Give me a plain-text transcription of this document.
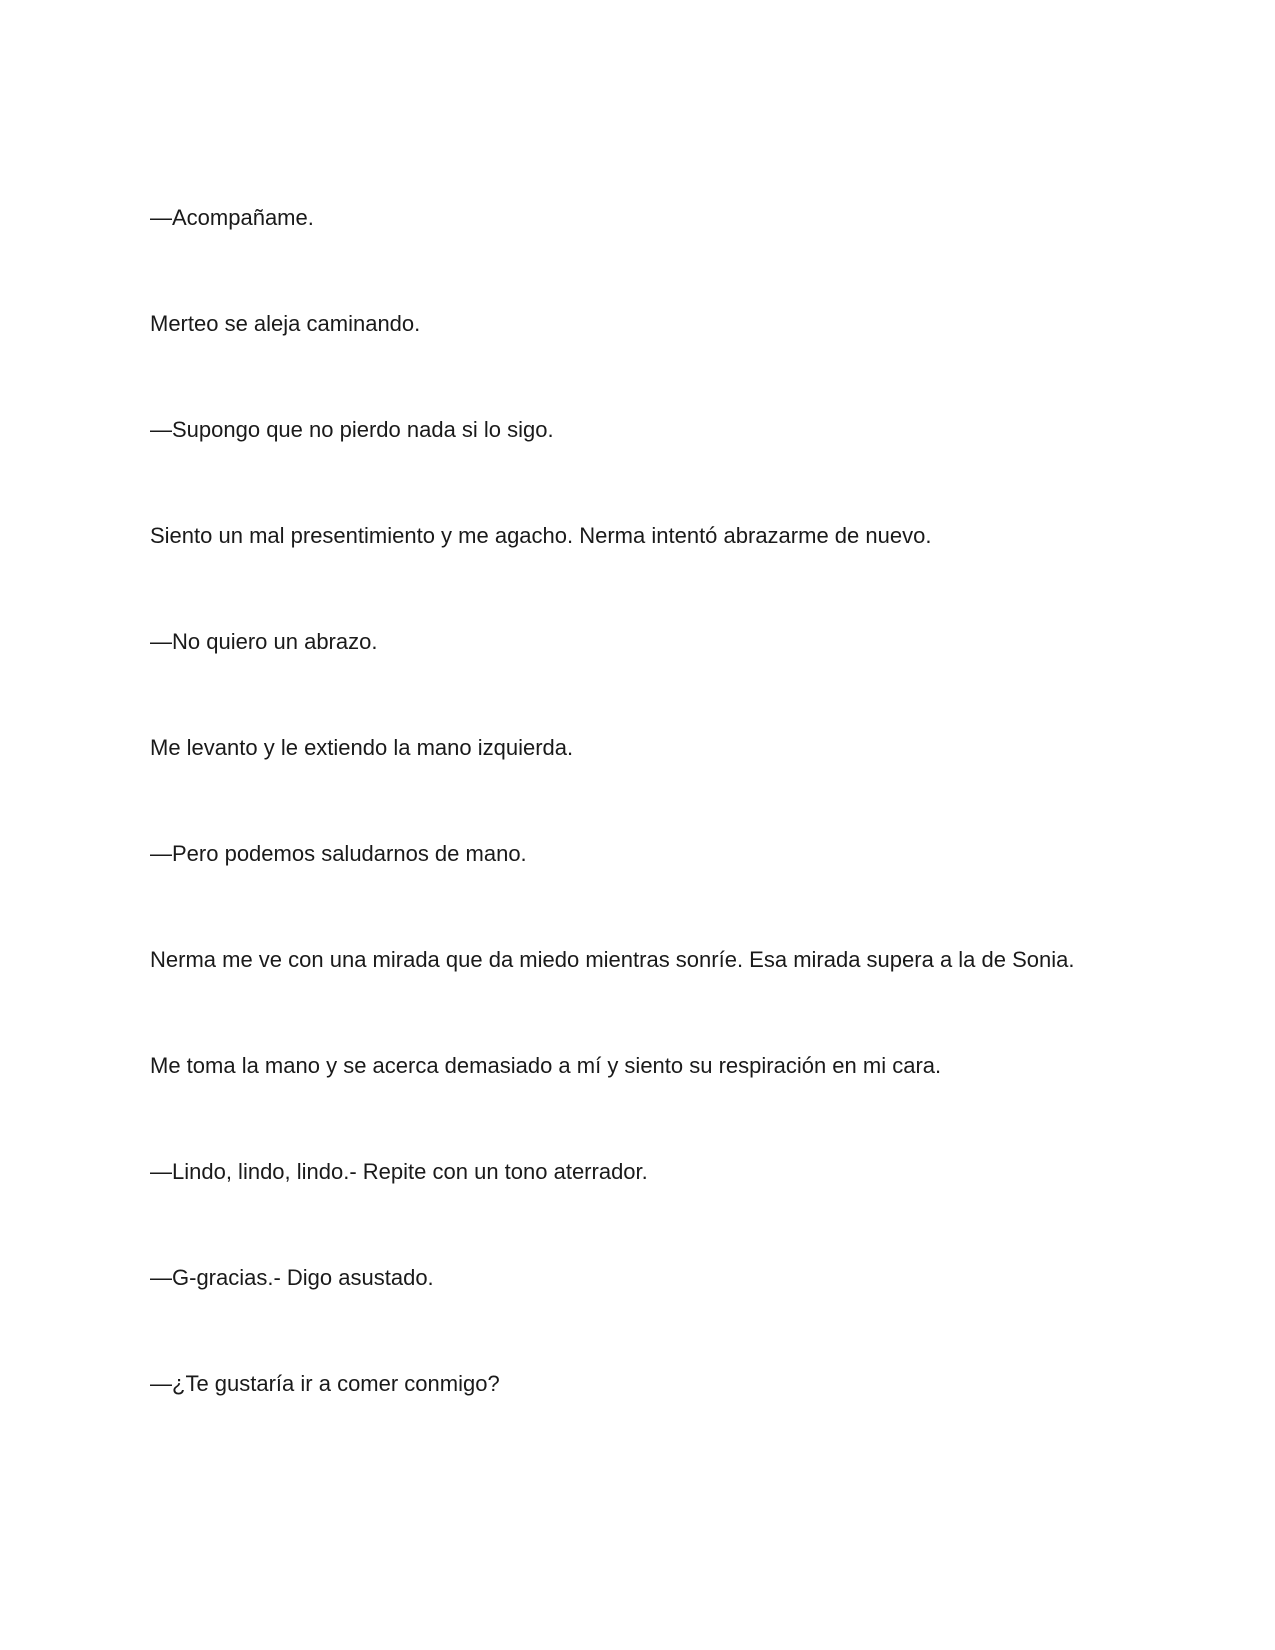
—Acompañame.

Merteo se aleja caminando.

—Supongo que no pierdo nada si lo sigo.

Siento un mal presentimiento y me agacho. Nerma intentó abrazarme de nuevo.

—No quiero un abrazo.

Me levanto y le extiendo la mano izquierda.

—Pero podemos saludarnos de mano.

Nerma me ve con una mirada que da miedo mientras sonríe. Esa mirada supera a la de Sonia.

Me toma la mano y se acerca demasiado a mí y siento su respiración en mi cara.

—Lindo, lindo, lindo.- Repite con un tono aterrador.

—G-gracias.- Digo asustado.

—¿Te gustaría ir a comer conmigo?
